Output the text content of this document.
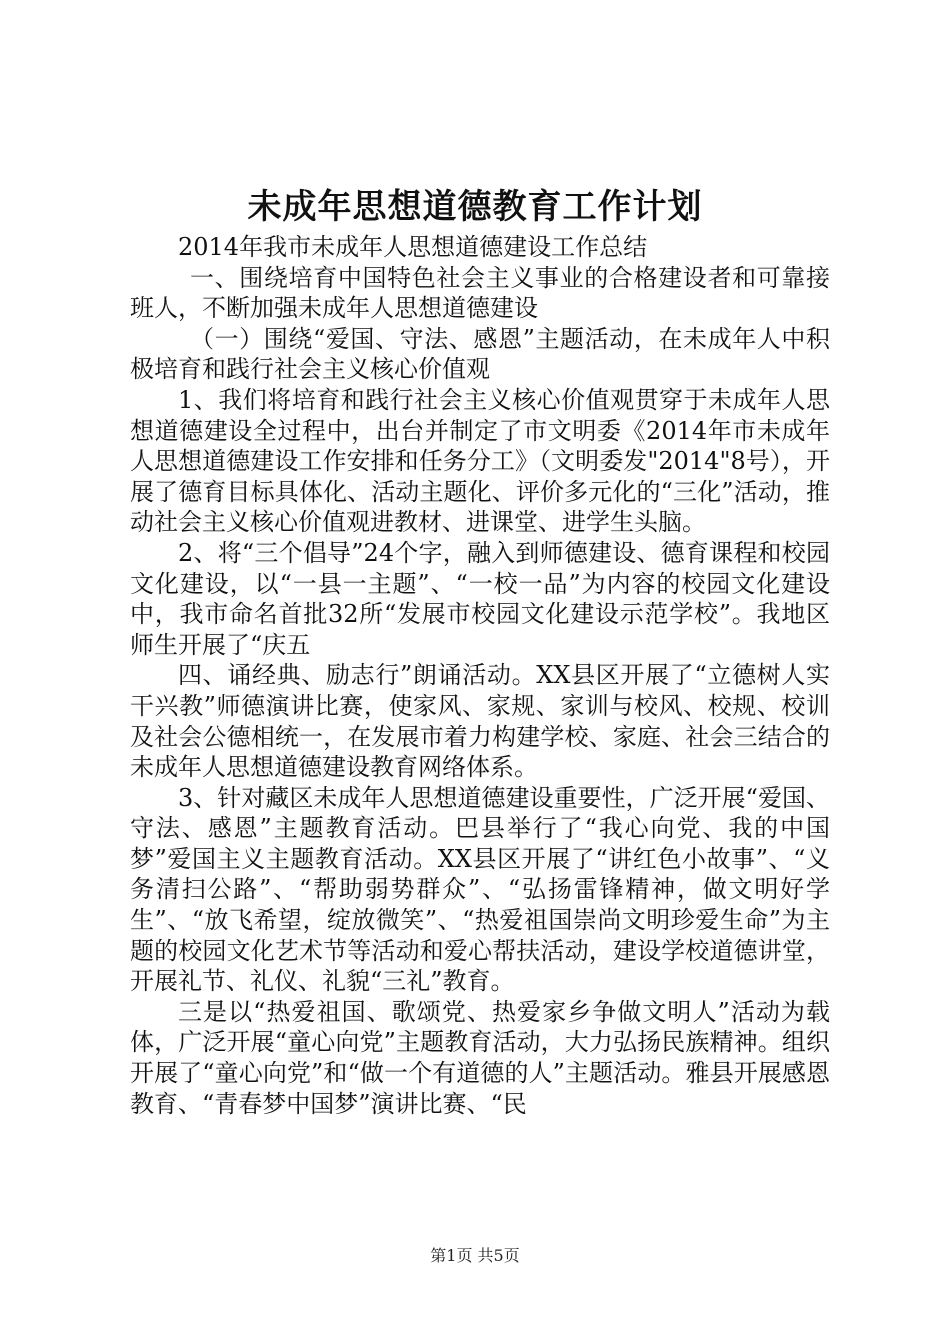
未成年思想道德教育工作计划

2014年我市未成年人思想道德建设工作总结

一、围绕培育中国特色社会主义事业的合格建设者和可靠接班人，不断加强未成年人思想道德建设

（一）围绕“爱国、守法、感恩”主题活动，在未成年人中积极培育和践行社会主义核心价值观

1、我们将培育和践行社会主义核心价值观贯穿于未成年人思想道德建设全过程中，出台并制定了市文明委《2014年市未成年人思想道德建设工作安排和任务分工》（文明委发"2014"8号），开展了德育目标具体化、活动主题化、评价多元化的“三化”活动，推动社会主义核心价值观进教材、进课堂、进学生头脑。

2、将“三个倡导”24个字，融入到师德建设、德育课程和校园文化建设，以“一县一主题”、“一校一品”为内容的校园文化建设中，我市命名首批32所“发展市校园文化建设示范学校”。我地区师生开展了“庆五

四、诵经典、励志行”朗诵活动。XX县区开展了“立德树人实干兴教”师德演讲比赛，使家风、家规、家训与校风、校规、校训及社会公德相统一，在发展市着力构建学校、家庭、社会三结合的未成年人思想道德建设教育网络体系。

3、针对藏区未成年人思想道德建设重要性，广泛开展“爱国、守法、感恩”主题教育活动。巴县举行了“我心向党、我的中国梦”爱国主义主题教育活动。XX县区开展了“讲红色小故事”、“义务清扫公路”、“帮助弱势群众”、“弘扬雷锋精神，做文明好学生”、“放飞希望，绽放微笑”、“热爱祖国崇尚文明珍爱生命”为主题的校园文化艺术节等活动和爱心帮扶活动，建设学校道德讲堂，开展礼节、礼仪、礼貌“三礼”教育。

三是以“热爱祖国、歌颂党、热爱家乡争做文明人”活动为载体，广泛开展“童心向党”主题教育活动，大力弘扬民族精神。组织开展了“童心向党”和“做一个有道德的人”主题活动。雅县开展感恩教育、“青春梦中国梦”演讲比赛、“民

第1页 共5页
